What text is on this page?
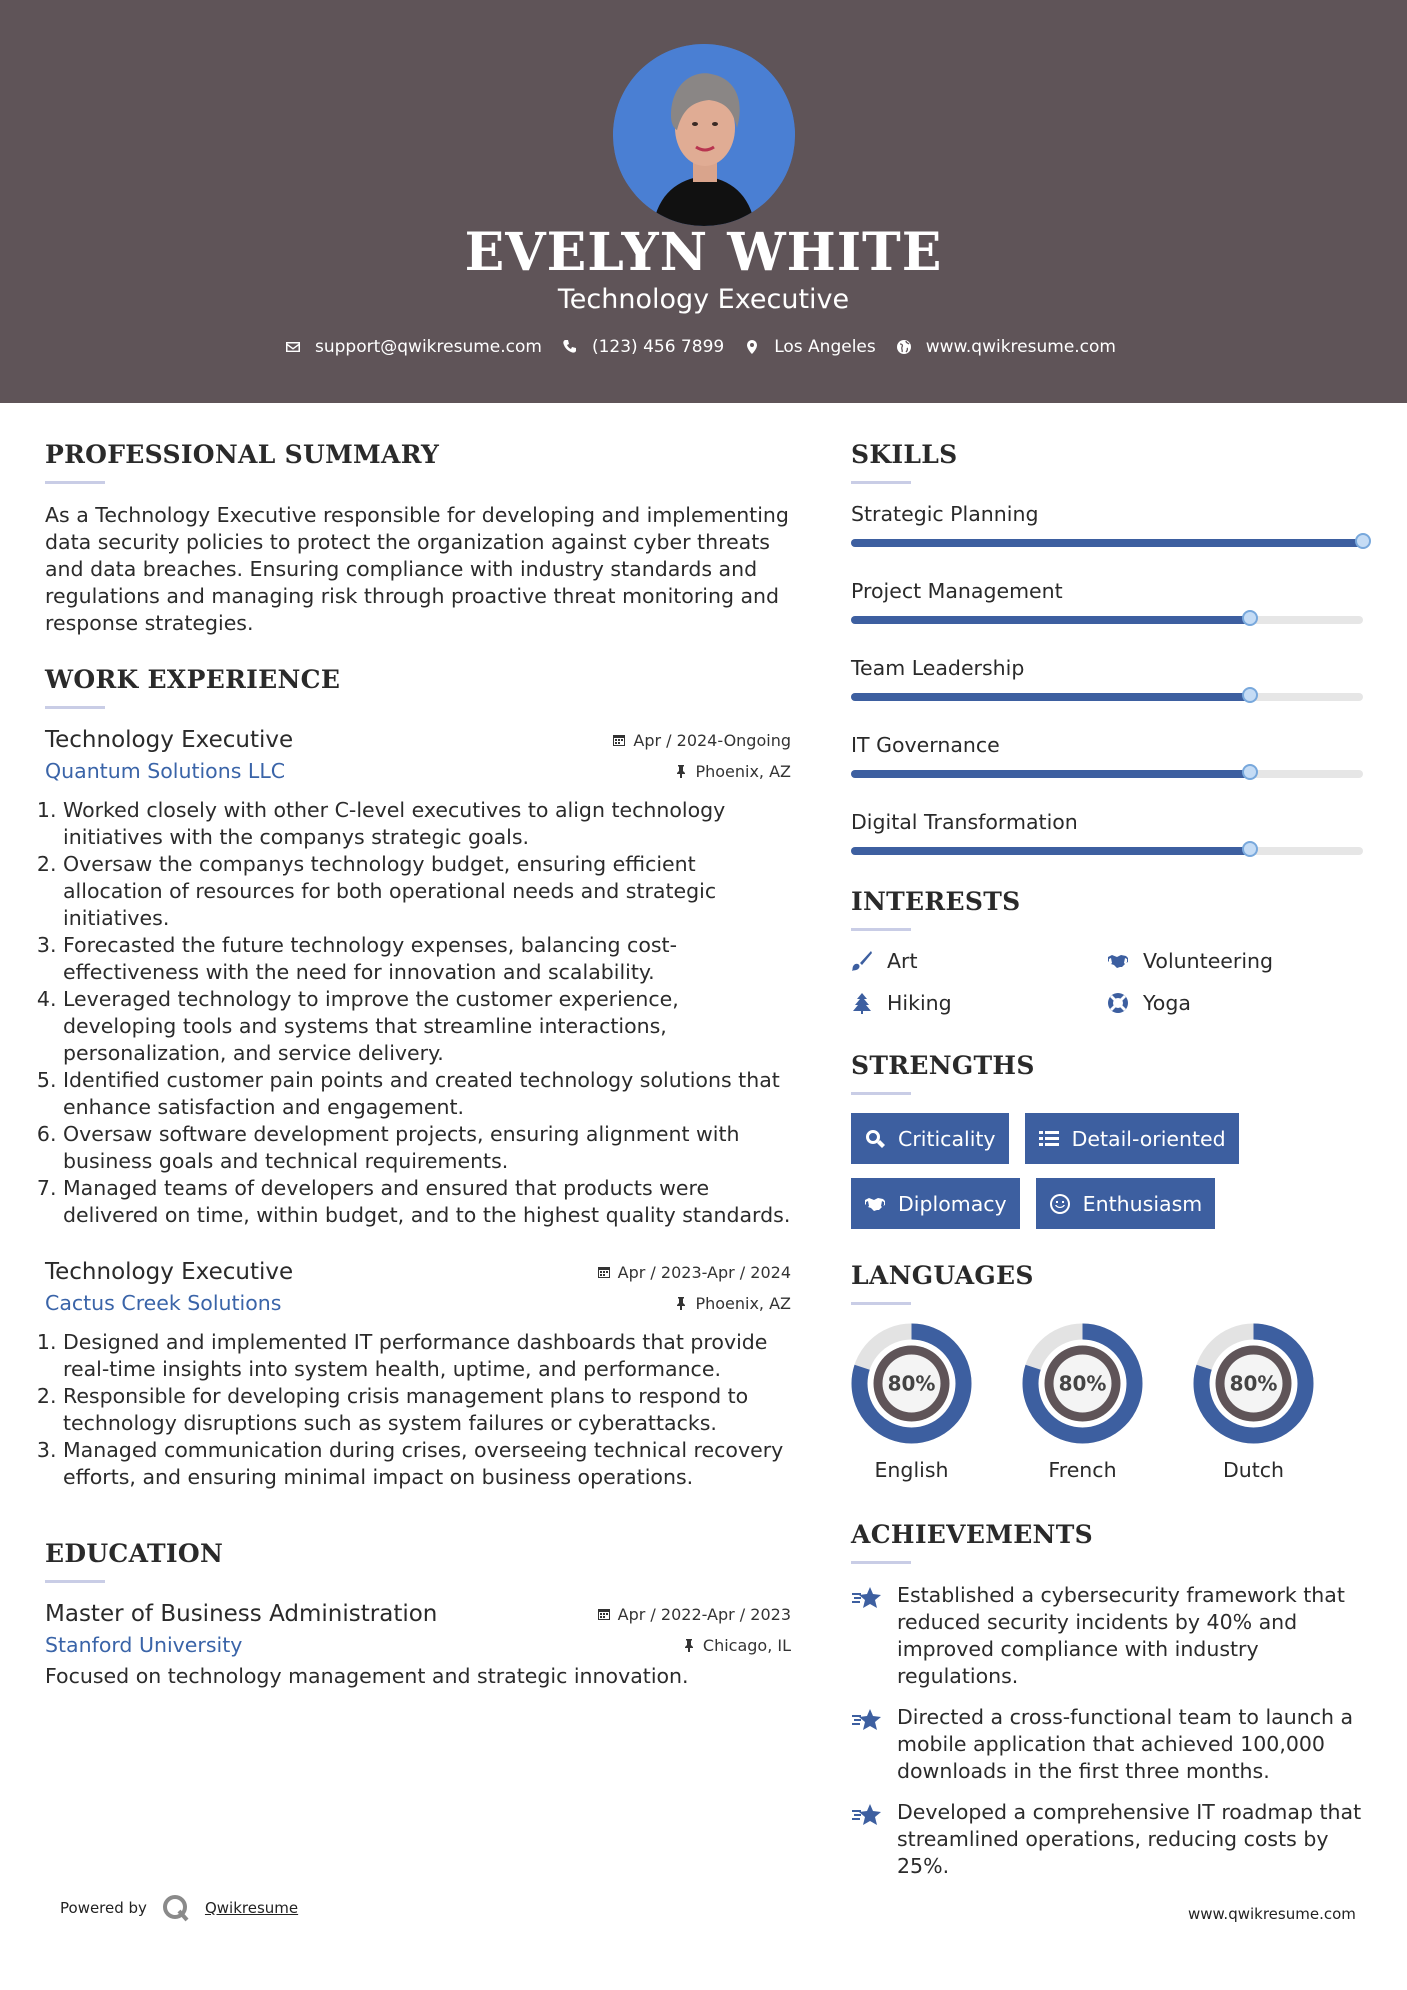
EVELYN WHITE
Technology Executive
support@qwikresume.com	(123) 456 7899	Los Angeles	www.qwikresume.com
PROFESSIONAL SUMMARY
As a Technology Executive responsible for developing and implementing data security policies to protect the organization against cyber threats and data breaches. Ensuring compliance with industry standards and regulations and managing risk through proactive threat monitoring and response strategies.
WORK EXPERIENCE
Technology Executive	Apr / 2024-Ongoing
Quantum Solutions LLC	Phoenix, AZ
1. Worked closely with other C-level executives to align technology initiatives with the companys strategic goals.
2. Oversaw the companys technology budget, ensuring efficient allocation of resources for both operational needs and strategic initiatives.
3. Forecasted the future technology expenses, balancing cost-effectiveness with the need for innovation and scalability.
4. Leveraged technology to improve the customer experience, developing tools and systems that streamline interactions, personalization, and service delivery.
5. Identified customer pain points and created technology solutions that enhance satisfaction and engagement.
6. Oversaw software development projects, ensuring alignment with business goals and technical requirements.
7. Managed teams of developers and ensured that products were delivered on time, within budget, and to the highest quality standards.
Technology Executive	Apr / 2023-Apr / 2024
Cactus Creek Solutions	Phoenix, AZ
1. Designed and implemented IT performance dashboards that provide real-time insights into system health, uptime, and performance.
2. Responsible for developing crisis management plans to respond to technology disruptions such as system failures or cyberattacks.
3. Managed communication during crises, overseeing technical recovery efforts, and ensuring minimal impact on business operations.
EDUCATION
Master of Business Administration	Apr / 2022-Apr / 2023
Stanford University	Chicago, IL
Focused on technology management and strategic innovation.
SKILLS
Strategic Planning
Project Management
Team Leadership
IT Governance
Digital Transformation
INTERESTS
Art	Volunteering
Hiking	Yoga
STRENGTHS
Criticality	Detail-oriented
Diplomacy	Enthusiasm
LANGUAGES
80%
English
80%
French
80%
Dutch
ACHIEVEMENTS
Established a cybersecurity framework that reduced security incidents by 40% and improved compliance with industry regulations.
Directed a cross-functional team to launch a mobile application that achieved 100,000 downloads in the first three months.
Developed a comprehensive IT roadmap that streamlined operations, reducing costs by 25%.
Powered by	Qwikresume	www.qwikresume.com
